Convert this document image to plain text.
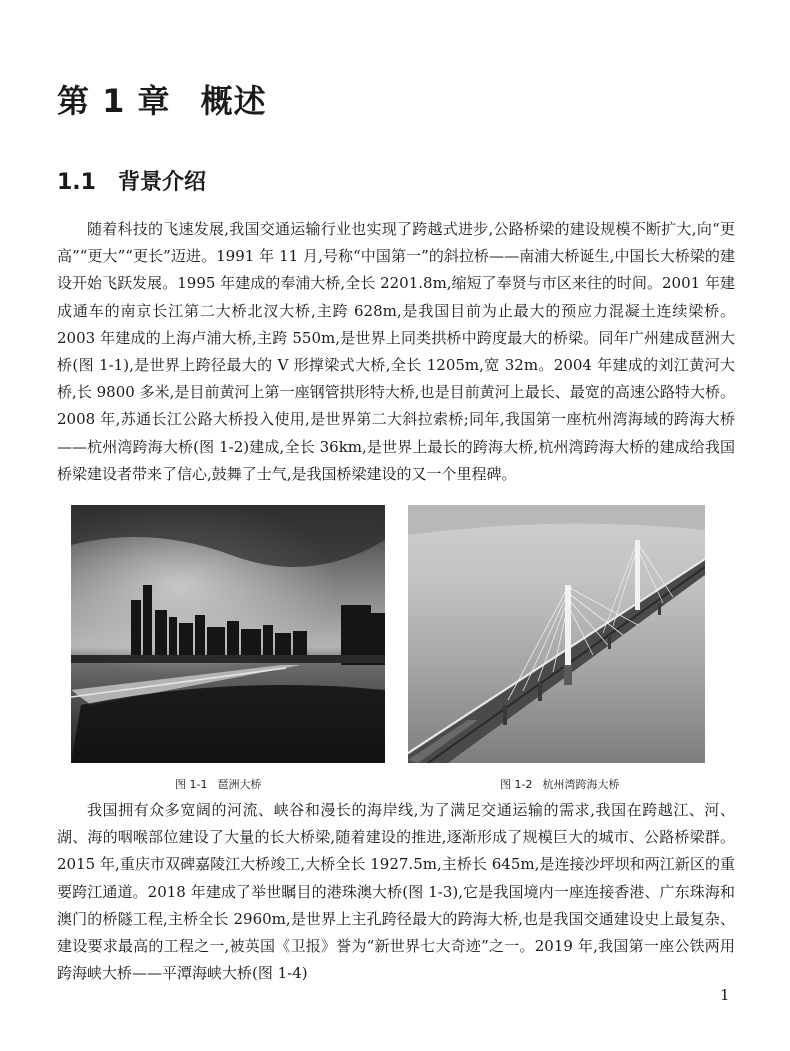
第 1 章 概述
1.1 背景介绍

随着科技的飞速发展,我国交通运输行业也实现了跨越式进步,公路桥梁的建设规模不断扩大,向“更高”“更大”“更长”迈进。1991 年 11 月,号称“中国第一”的斜拉桥——南浦大桥诞生,中国长大桥梁的建设开始飞跃发展。1995 年建成的奉浦大桥,全长 2201.8m,缩短了奉贤与市区来往的时间。2001 年建成通车的南京长江第二大桥北汊大桥,主跨 628m,是我国目前为止最大的预应力混凝土连续梁桥。2003 年建成的上海卢浦大桥,主跨 550m,是世界上同类拱桥中跨度最大的桥梁。同年广州建成琶洲大桥(图 1-1),是世界上跨径最大的 V 形撑梁式大桥,全长 1205m,宽 32m。2004 年建成的刘江黄河大桥,长 9800 多米,是目前黄河上第一座钢管拱形特大桥,也是目前黄河上最长、最宽的高速公路特大桥。2008 年,苏通长江公路大桥投入使用,是世界第二大斜拉索桥;同年,我国第一座杭州湾海域的跨海大桥——杭州湾跨海大桥(图 1-2)建成,全长 36km,是世界上最长的跨海大桥,杭州湾跨海大桥的建成给我国桥梁建设者带来了信心,鼓舞了士气,是我国桥梁建设的又一个里程碑。

图 1-1 琶洲大桥	图 1-2 杭州湾跨海大桥

我国拥有众多宽阔的河流、峡谷和漫长的海岸线,为了满足交通运输的需求,我国在跨越江、河、湖、海的咽喉部位建设了大量的长大桥梁,随着建设的推进,逐渐形成了规模巨大的城市、公路桥梁群。2015 年,重庆市双碑嘉陵江大桥竣工,大桥全长 1927.5m,主桥长 645m,是连接沙坪坝和两江新区的重要跨江通道。2018 年建成了举世瞩目的港珠澳大桥(图 1-3),它是我国境内一座连接香港、广东珠海和澳门的桥隧工程,主桥全长 2960m,是世界上主孔跨径最大的跨海大桥,也是我国交通建设史上最复杂、建设要求最高的工程之一,被英国《卫报》誉为“新世界七大奇迹”之一。2019 年,我国第一座公铁两用跨海峡大桥——平潭海峡大桥(图 1-4)

1
